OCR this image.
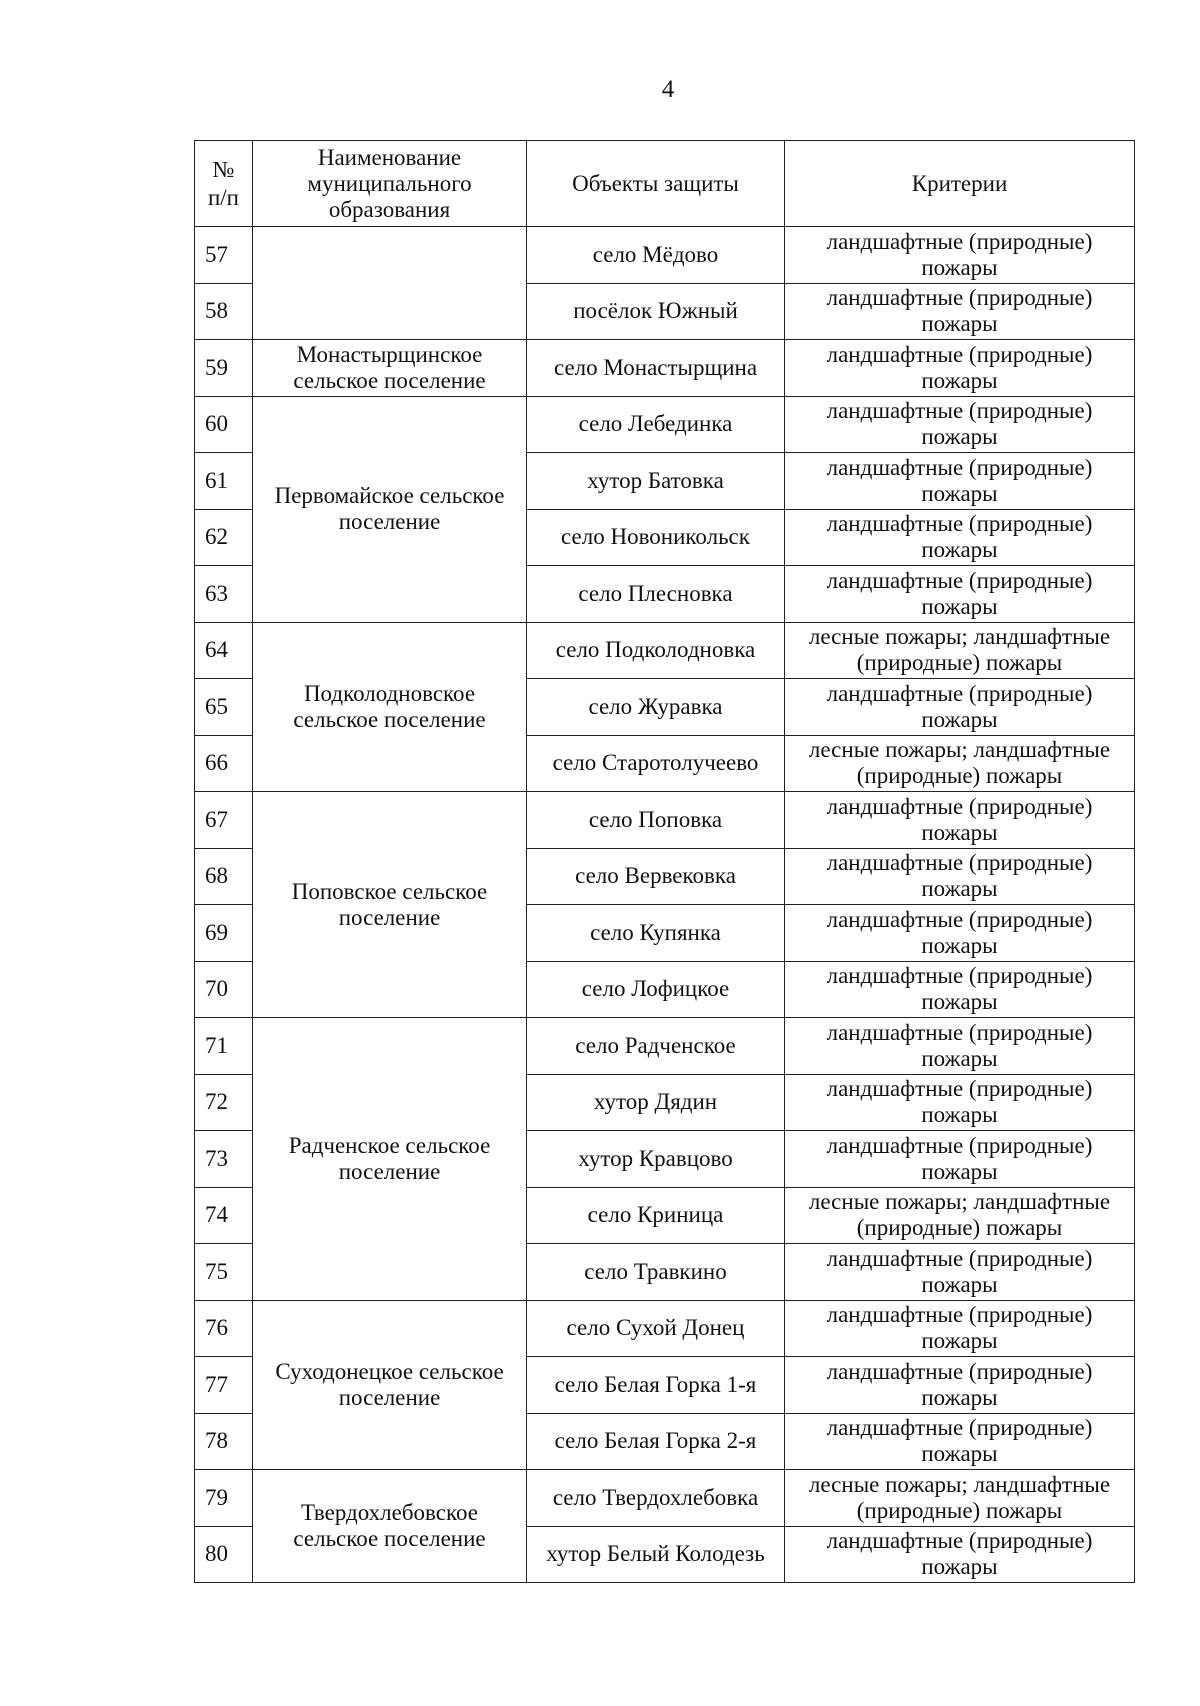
4
№ п/п	Наименование муниципального образования	Объекты защиты	Критерии
57		село Мёдово	ландшафтные (природные) пожары
58		посёлок Южный	ландшафтные (природные) пожары
59	Монастырщинское сельское поселение	село Монастырщина	ландшафтные (природные) пожары
60	Первомайское сельское поселение	село Лебединка	ландшафтные (природные) пожары
61		хутор Батовка	ландшафтные (природные) пожары
62		село Новоникольск	ландшафтные (природные) пожары
63		село Плесновка	ландшафтные (природные) пожары
64	Подколодновское сельское поселение	село Подколодновка	лесные пожары; ландшафтные (природные) пожары
65		село Журавка	ландшафтные (природные) пожары
66		село Старотолучеево	лесные пожары; ландшафтные (природные) пожары
67	Поповское сельское поселение	село Поповка	ландшафтные (природные) пожары
68		село Вервековка	ландшафтные (природные) пожары
69		село Купянка	ландшафтные (природные) пожары
70		село Лофицкое	ландшафтные (природные) пожары
71	Радченское сельское поселение	село Радченское	ландшафтные (природные) пожары
72		хутор Дядин	ландшафтные (природные) пожары
73		хутор Кравцово	ландшафтные (природные) пожары
74		село Криница	лесные пожары; ландшафтные (природные) пожары
75		село Травкино	ландшафтные (природные) пожары
76	Суходонецкое сельское поселение	село Сухой Донец	ландшафтные (природные) пожары
77		село Белая Горка 1-я	ландшафтные (природные) пожары
78		село Белая Горка 2-я	ландшафтные (природные) пожары
79	Твердохлебовское сельское поселение	село Твердохлебовка	лесные пожары; ландшафтные (природные) пожары
80		хутор Белый Колодезь	ландшафтные (природные) пожары
